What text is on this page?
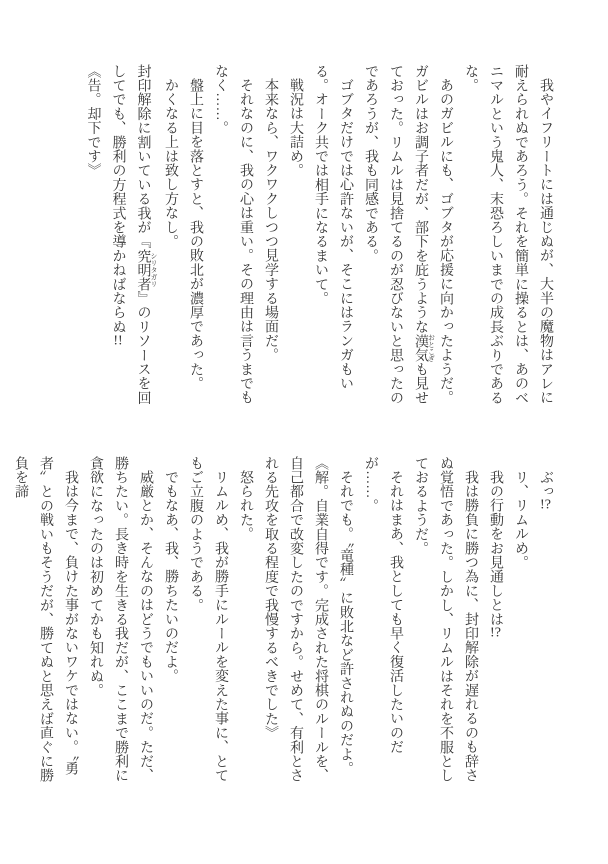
我やイフリートには通じぬが、大半の魔物はアレに耐えられぬであろう。それを簡単に操るとは、あのベニマルという鬼人、末恐ろしいまでの成長ぶりであるな。

あのガビルにも、ゴブタが応援に向かったようだ。ガビルはお調子者だが、部下を庇うような漢気 おとこぎも見せておった。リムルは見捨てるのが忍びないと思ったのであろうが、我も同感である。

ゴブタだけでは心許ないが、そこにはランガもいる。オーク共では相手になるまいて。

戦況は大詰め。

本来なら、ワクワクしつつ見学する場面だ。

それなのに、我の心は重い。その理由は言うまでもなく……。

盤上に目を落とすと、我の敗北が濃厚であった。

かくなる上は致し方なし。

封印解除に割いている我が『究明者 シリタガリ』のリソースを回してでも、勝利の方程式を導かねばならぬ!!

《告。却下です》

ぶっ!?

リ、リムルめ。

我の行動をお見通しとは!?

我は勝負に勝つ為に、封印解除が遅れるのも辞さぬ覚悟であった。しかし、リムルはそれを不服としておるようだ。

それはまあ、我としても早く復活したいのだが……。

それでも。〝竜種〟に敗北など許されぬのだよ。

《解。自業自得です。完成された将棋のルールを、自己都合で改変したのですから。せめて、有利とされる先攻を取る程度で我慢するべきでした》

怒られた。

リムルめ、我が勝手にルールを変えた事に、とてもご立腹のようである。

でもなあ、我、勝ちたいのだよ。

威厳とか、そんなのはどうでもいいのだ。ただ、勝ちたい。長き時を生きる我だが、ここまで勝利に貪欲になったのは初めてかも知れぬ。

我は今まで、負けた事がないワケではない。〝勇者〟との戦いもそうだが、勝てぬと思えば直ぐに勝負を諦
